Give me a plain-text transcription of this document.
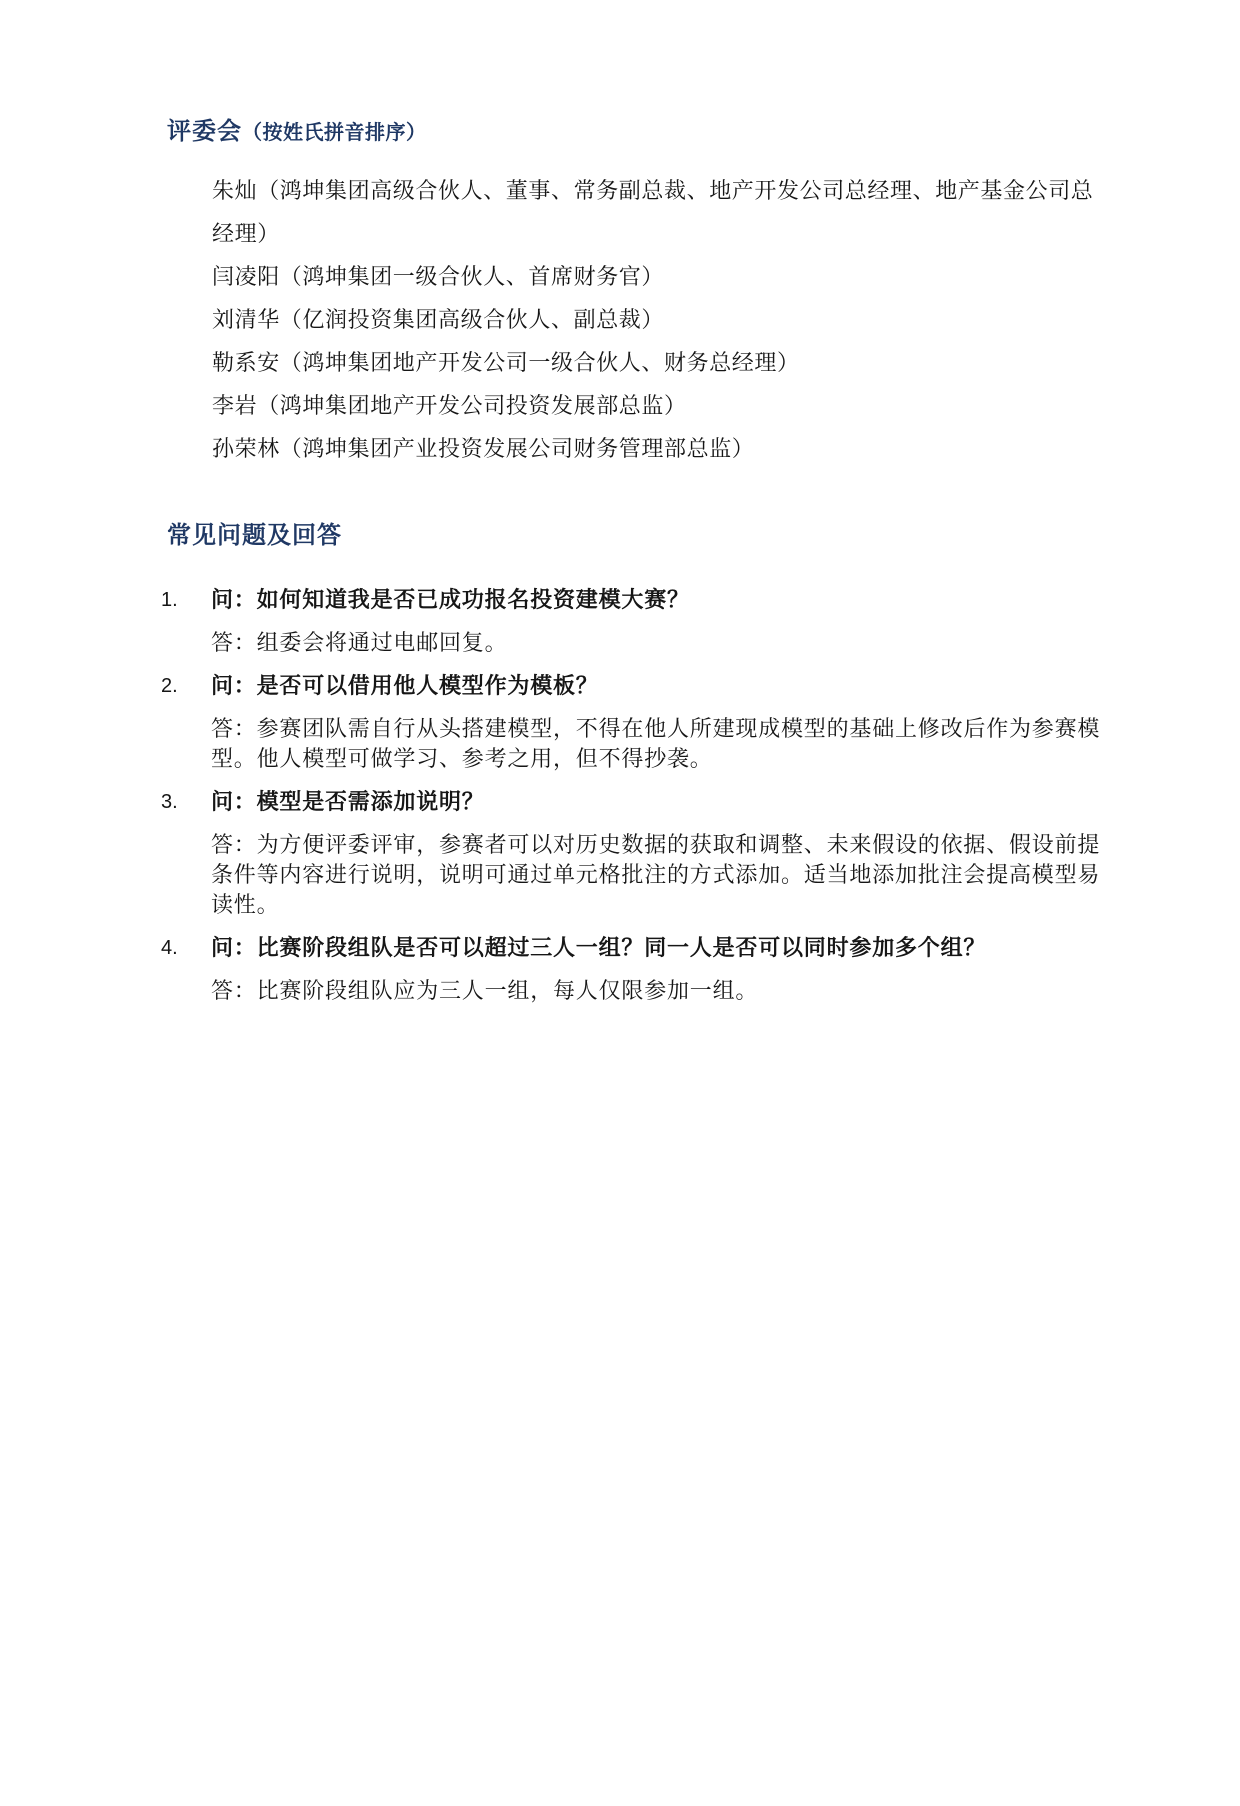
评委会（按姓氏拼音排序）

朱灿（鸿坤集团高级合伙人、董事、常务副总裁、地产开发公司总经理、地产基金公司总经理）

闫凌阳（鸿坤集团一级合伙人、首席财务官）

刘清华（亿润投资集团高级合伙人、副总裁）

勒系安（鸿坤集团地产开发公司一级合伙人、财务总经理）

李岩（鸿坤集团地产开发公司投资发展部总监）

孙荣林（鸿坤集团产业投资发展公司财务管理部总监）

常见问题及回答
1.	问：如何知道我是否已成功报名投资建模大赛？

答：组委会将通过电邮回复。

2.	问：是否可以借用他人模型作为模板？

答：参赛团队需自行从头搭建模型，不得在他人所建现成模型的基础上修改后作为参赛模型。他人模型可做学习、参考之用，但不得抄袭。

3.	问：模型是否需添加说明？

答：为方便评委评审，参赛者可以对历史数据的获取和调整、未来假设的依据、假设前提条件等内容进行说明，说明可通过单元格批注的方式添加。适当地添加批注会提高模型易读性。

4.	问：比赛阶段组队是否可以超过三人一组？同一人是否可以同时参加多个组？

答：比赛阶段组队应为三人一组，每人仅限参加一组。
